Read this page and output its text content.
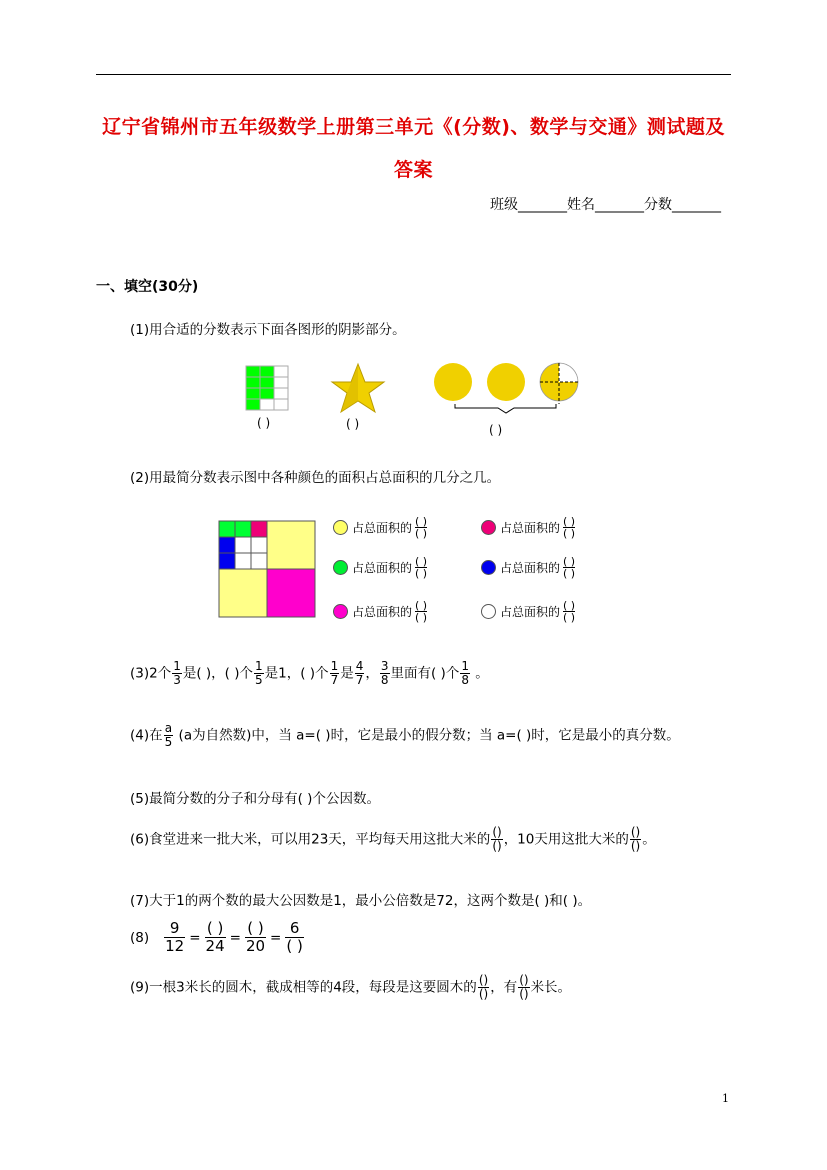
辽宁省锦州市五年级数学上册第三单元《(分数)、数学与交通》测试题及
答案
班级_______姓名_______分数_______
一、填空(30分)
(1)用合适的分数表示下面各图形的阴影部分。
( )	( )	( )
(2)用最简分数表示图中各种颜色的面积占总面积的几分之几。
占总面积的 ( )
( )	占总面积的 ( )
( )
占总面积的 ( )
( )	占总面积的 ( )
( )
占总面积的 ( )
( )	占总面积的 ( )
( )
(3)2个 $\frac{1}{3}$ 是( )，( )个 $\frac{1}{5}$ 是1，( )个 $\frac{1}{7}$ 是 $\frac{4}{7}$ ， $\frac{3}{8}$ 里面有( )个 $\frac{1}{8}$ 。
(4)在 $\frac{a}{5} (a$为自然数)中，当 a=( )时，它是最小的假分数；当 a=( )时，它是最小的真分数。
(5)最简分数的分子和分母有( )个公因数。
(6)食堂进来一批大米，可以用23天，平均每天用这批大米的 $\frac{()}{()}$ ，10天用这批大米的 $\frac{()}{()}$ 。
(7)大于1的两个数的最大公因数是1，最小公倍数是72，这两个数是( )和( )。
$(8) \frac{9}{12} = \frac{( )}{24} = \frac{( )}{20} = \frac{6}{( )}$
(9)一根3米长的圆木，截成相等的4段，每段是这要圆木的 $\frac{()}{()}$ ，有 $\frac{()}{()}$ 米长。
1
